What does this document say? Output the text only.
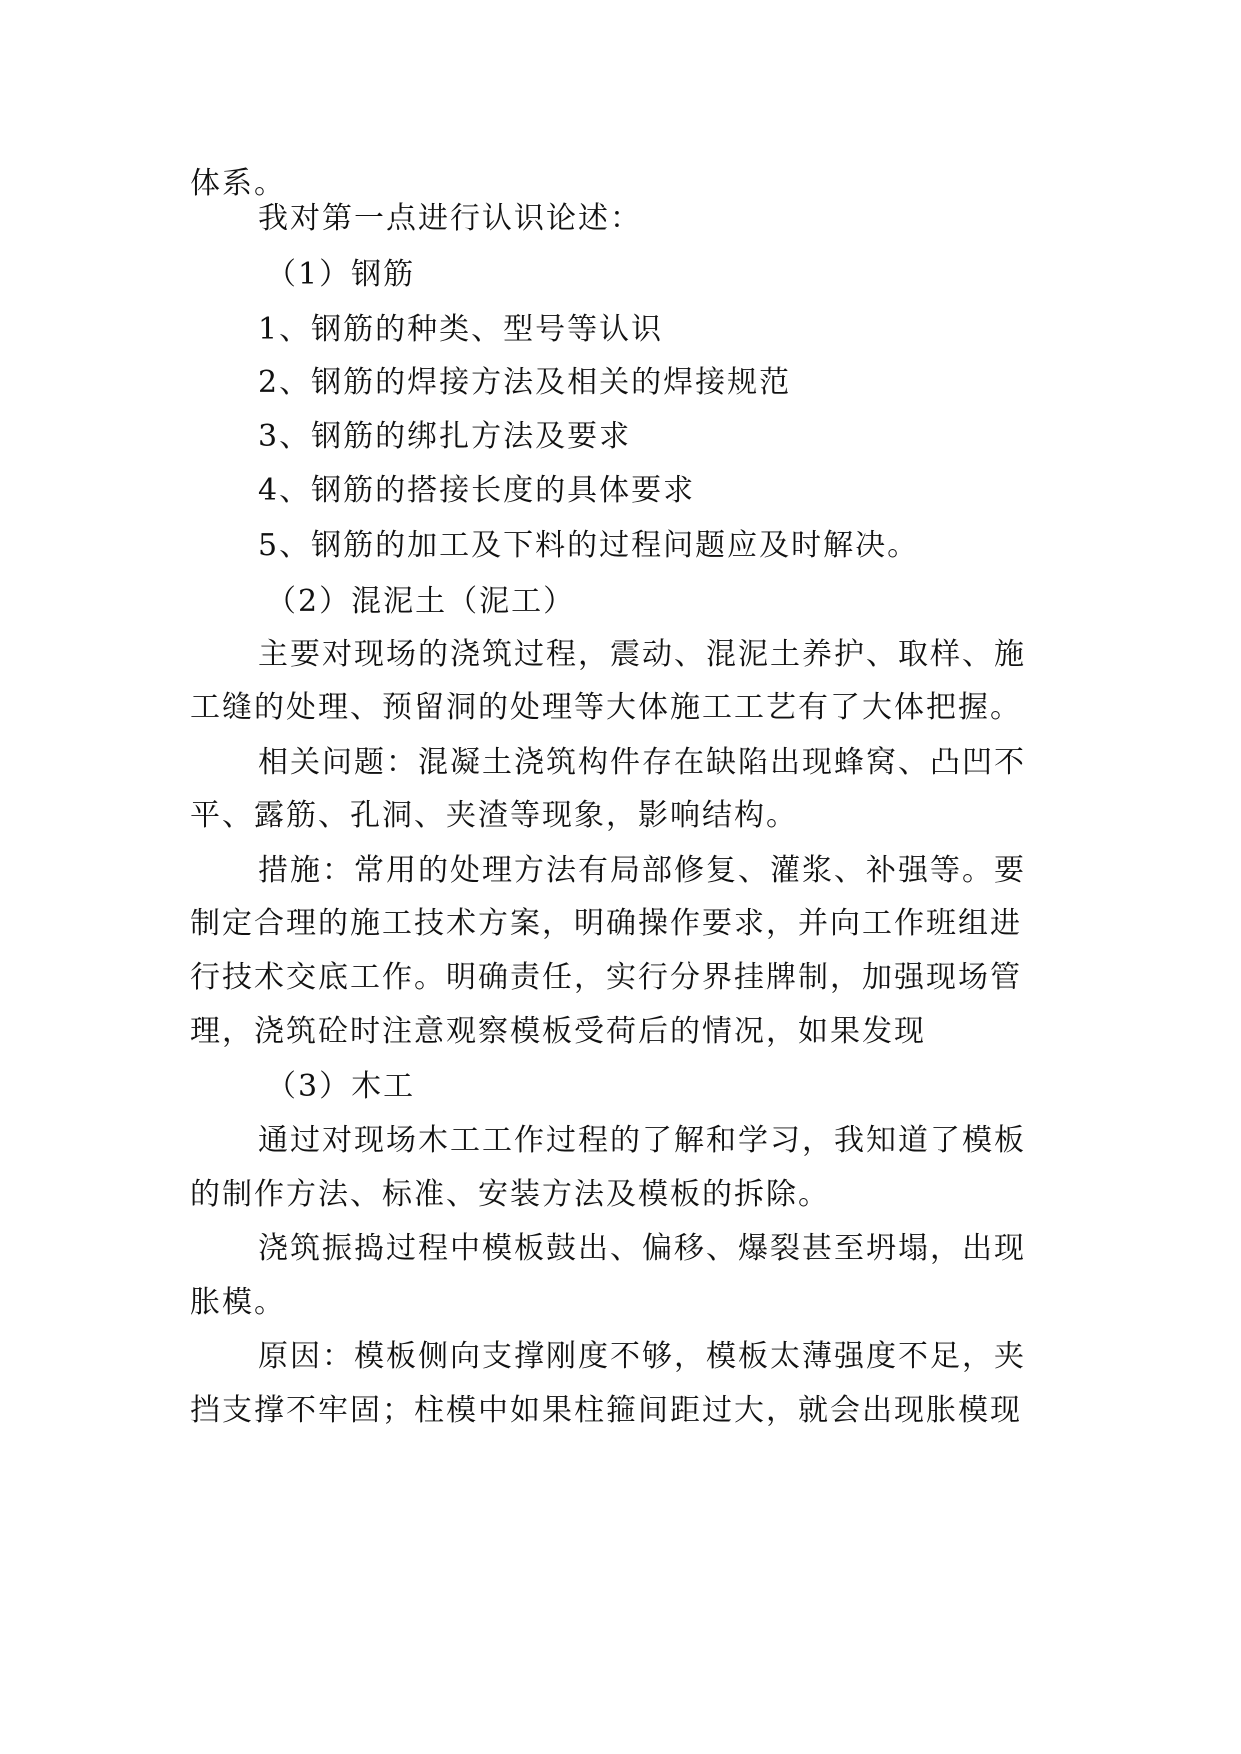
体系。
我对第一点进行认识论述：
（1）钢筋
1、钢筋的种类、型号等认识
2、钢筋的焊接方法及相关的焊接规范
3、钢筋的绑扎方法及要求
4、钢筋的搭接长度的具体要求
5、钢筋的加工及下料的过程问题应及时解决。
（2）混泥土（泥工）
主要对现场的浇筑过程，震动、混泥土养护、取样、施
工缝的处理、预留洞的处理等大体施工工艺有了大体把握。
相关问题：混凝土浇筑构件存在缺陷出现蜂窝、凸凹不
平、露筋、孔洞、夹渣等现象，影响结构。
措施：常用的处理方法有局部修复、灌浆、补强等。要
制定合理的施工技术方案，明确操作要求，并向工作班组进
行技术交底工作。明确责任，实行分界挂牌制，加强现场管
理，浇筑砼时注意观察模板受荷后的情况，如果发现
（3）木工
通过对现场木工工作过程的了解和学习，我知道了模板
的制作方法、标准、安装方法及模板的拆除。
浇筑振捣过程中模板鼓出、偏移、爆裂甚至坍塌，出现
胀模。
原因：模板侧向支撑刚度不够，模板太薄强度不足，夹
挡支撑不牢固；柱模中如果柱箍间距过大，就会出现胀模现
